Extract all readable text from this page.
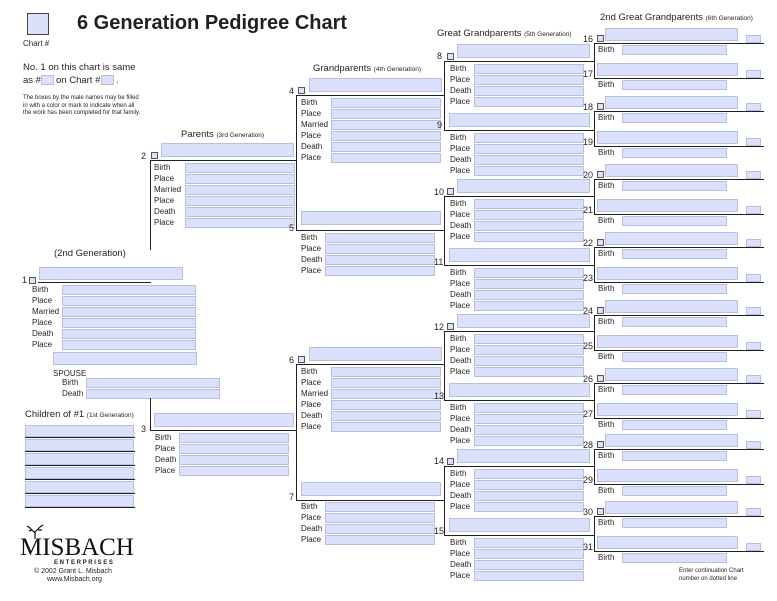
Chart #
6 Generation Pedigree Chart
No. 1 on this chart is same
as # on Chart # .
The boxes by the male names may be filled in with a color or mark to indicate when all the work has been completed for that family.
(2nd Generation)
Parents (3rd Generation)
Grandparents (4th Generation)
Great Grandparents (5th Generation)
2nd Great Grandparents (6th Generation)
1
Birth
Place
Married
Place
Death
Place
SPOUSE
Birth
Death
Children of #1 (1st Generation)
2
Birth
Place
Married
Place
Death
Place
3
Birth
Place
Death
Place
4
Birth
Place
Married
Place
Death
Place
5
Birth
Place
Death
Place
6
Birth
Place
Married
Place
Death
Place
7
Birth
Place
Death
Place
8
Birth
Place
Death
Place
9
Birth
Place
Death
Place
10
Birth
Place
Death
Place
11
Birth
Place
Death
Place
12
Birth
Place
Death
Place
13
Birth
Place
Death
Place
14
Birth
Place
Death
Place
15
Birth
Place
Death
Place
16
Birth
17
Birth
18
Birth
19
Birth
20
Birth
21
Birth
22
Birth
23
Birth
24
Birth
25
Birth
26
Birth
27
Birth
28
Birth
29
Birth
30
Birth
31
Birth
MISBACH
E N T E R P R I S E S
© 2002 Grant L. Misbach
www.Misbach.org
Enter continuation Chart
number on dotted line
